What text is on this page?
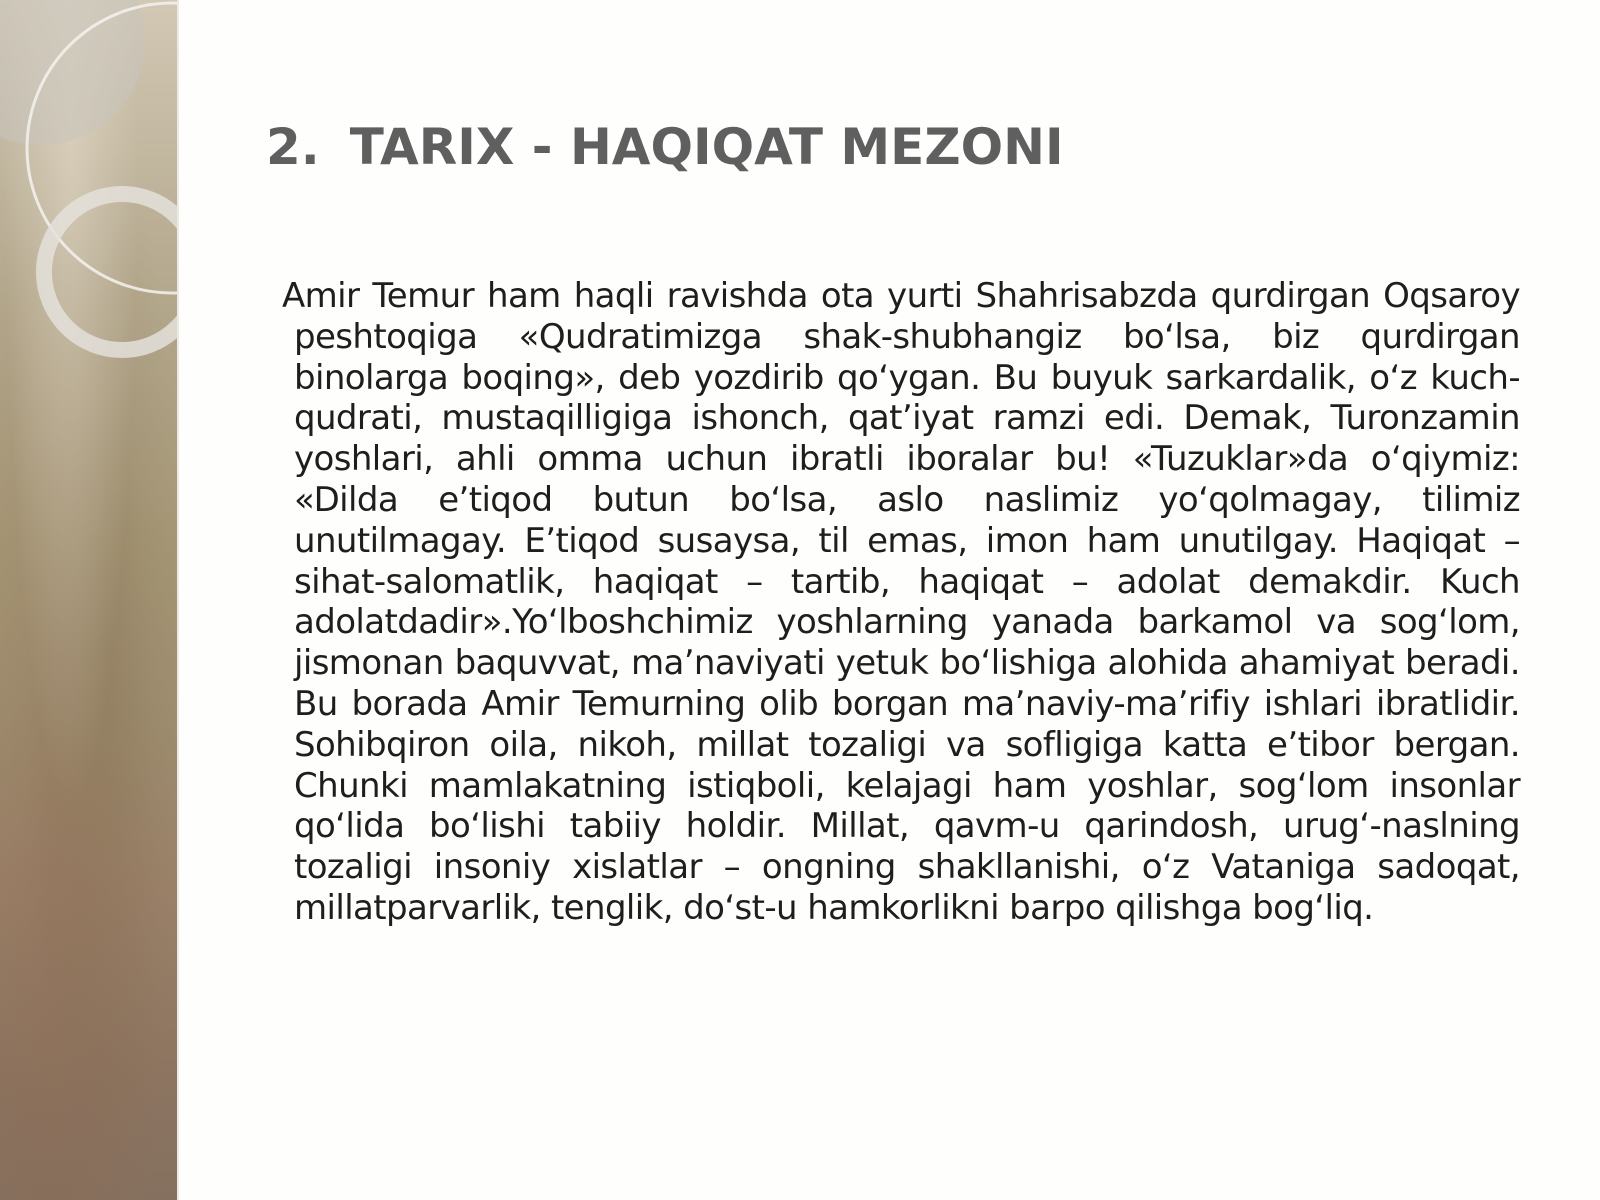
2. TARIX - HAQIQAT MEZONI

Amir Temur ham haqli ravishda ota yurti Shahrisabzda qurdirgan Oqsaroy peshtoqiga «Qudratimizga shak-shubhangiz bo‘lsa, biz qurdirgan binolarga boqing», deb yozdirib qo‘ygan. Bu buyuk sarkardalik, o‘z kuch-qudrati, mustaqilligiga ishonch, qat’iyat ramzi edi. Demak, Turonzamin yoshlari, ahli omma uchun ibratli iboralar bu! «Tuzuklar»da o‘qiymiz: «Dilda e’tiqod butun bo‘lsa, aslo naslimiz yo‘qolmagay, tilimiz unutilmagay. E’tiqod susaysa, til emas, imon ham unutilgay. Haqiqat – sihat-salomatlik, haqiqat – tartib, haqiqat – adolat demakdir. Kuch adolatdadir».Yo‘lboshchimiz yoshlarning yanada barkamol va sog‘lom, jismonan baquvvat, ma’naviyati yetuk bo‘lishiga alohida ahamiyat beradi. Bu borada Amir Temurning olib borgan ma’naviy-ma’rifiy ishlari ibratlidir. Sohibqiron oila, nikoh, millat tozaligi va sofligiga katta e’tibor bergan. Chunki mamlakatning istiqboli, kelajagi ham yoshlar, sog‘lom insonlar qo‘lida bo‘lishi tabiiy holdir. Millat, qavm-u qarindosh, urug‘-naslning tozaligi insoniy xislatlar – ongning shakllanishi, o‘z Vataniga sadoqat, millatparvarlik, tenglik, do‘st-u hamkorlikni barpo qilishga bog‘liq.
